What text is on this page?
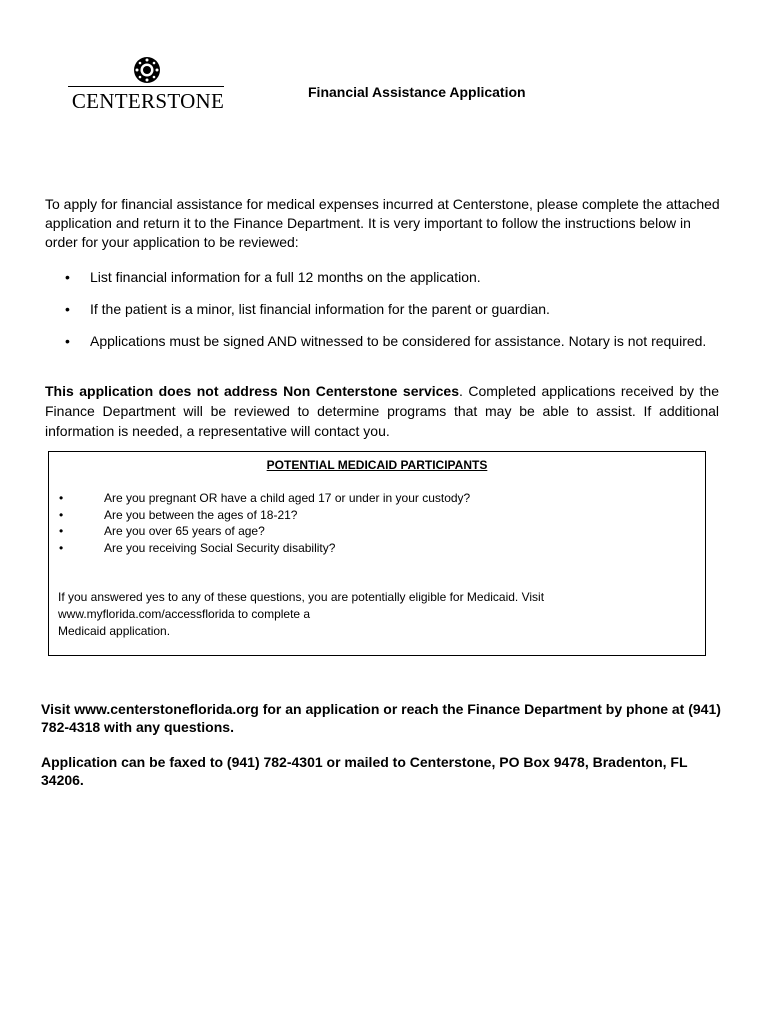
CENTERSTONE	Financial Assistance Application

To apply for financial assistance for medical expenses incurred at Centerstone, please complete the attached application and return it to the Finance Department. It is very important to follow the instructions below in order for your application to be reviewed:

• List financial information for a full 12 months on the application.
• If the patient is a minor, list financial information for the parent or guardian.
• Applications must be signed AND witnessed to be considered for assistance. Notary is not required.

This application does not address Non Centerstone services. Completed applications received by the Finance Department will be reviewed to determine programs that may be able to assist. If additional information is needed, a representative will contact you.

POTENTIAL MEDICAID PARTICIPANTS
•	Are you pregnant OR have a child aged 17 or under in your custody?
•	Are you between the ages of 18-21?
•	Are you over 65 years of age?
•	Are you receiving Social Security disability?

If you answered yes to any of these questions, you are potentially eligible for Medicaid. Visit
www.myflorida.com/accessflorida to complete a
Medicaid application.

Visit www.centerstoneflorida.org for an application or reach the Finance Department by phone at (941) 782-4318 with any questions.

Application can be faxed to (941) 782-4301 or mailed to Centerstone, PO Box 9478, Bradenton, FL 34206.
